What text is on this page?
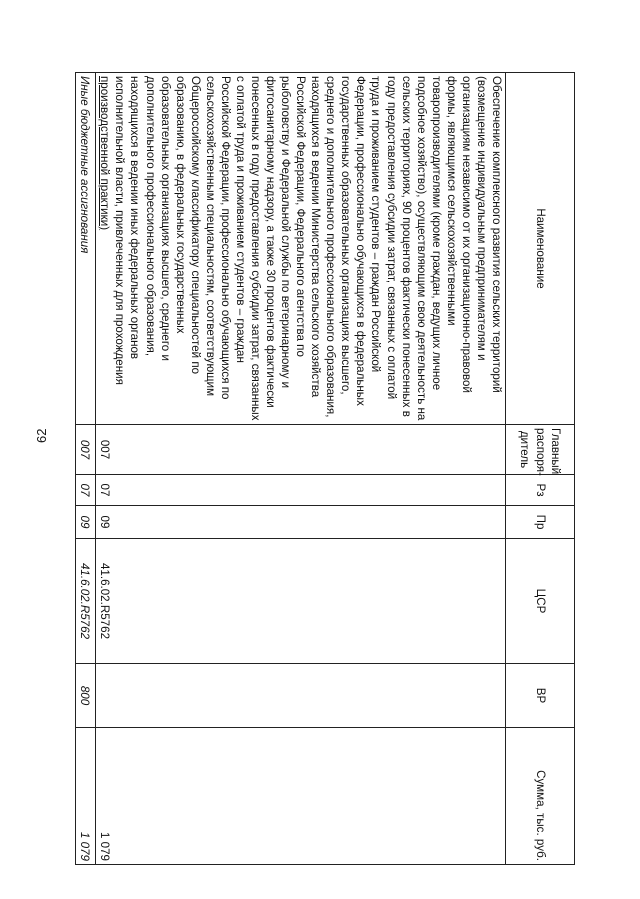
62
Наименование	Главный распоря-дитель	Рз	Пр	ЦСР	ВР	Сумма, тыс. руб.
Обеспечение комплексного развития сельских территорий (возмещение индивидуальным предпринимателям и организациям независимо от их организационно-правовой формы, являющимся сельскохозяйственными товаропроизводителями (кроме граждан, ведущих личное подсобное хозяйство), осуществляющим свою деятельность на сельских территориях, 90 процентов фактически понесенных в году предоставления субсидии затрат, связанных с оплатой труда и проживанием студентов – граждан Российской Федерации, профессионально обучающихся в федеральных государственных образовательных организациях высшего, среднего и дополнительного профессионального образования, находящихся в ведении Министерства сельского хозяйства Российской Федерации, Федерального агентства по рыболовству и Федеральной службы по ветеринарному и фитосанитарному надзору, а также 30 процентов фактически понесенных в году предоставления субсидии затрат, связанных с оплатой труда и проживанием студентов – граждан Российской Федерации, профессионально обучающихся по сельскохозяйственным специальностям, соответствующим Общероссийскому классификатору специальностей по образованию, в федеральных государственных образовательных организациях высшего, среднего и дополнительного профессионального образования, находящихся в ведении иных федеральных органов исполнительной власти, привлеченных для прохождения производственной практики)	007	07	09	41.6.02.R5762		1 079
Иные бюджетные ассигнования	007	07	09	41.6.02.R5762	800	1 079
